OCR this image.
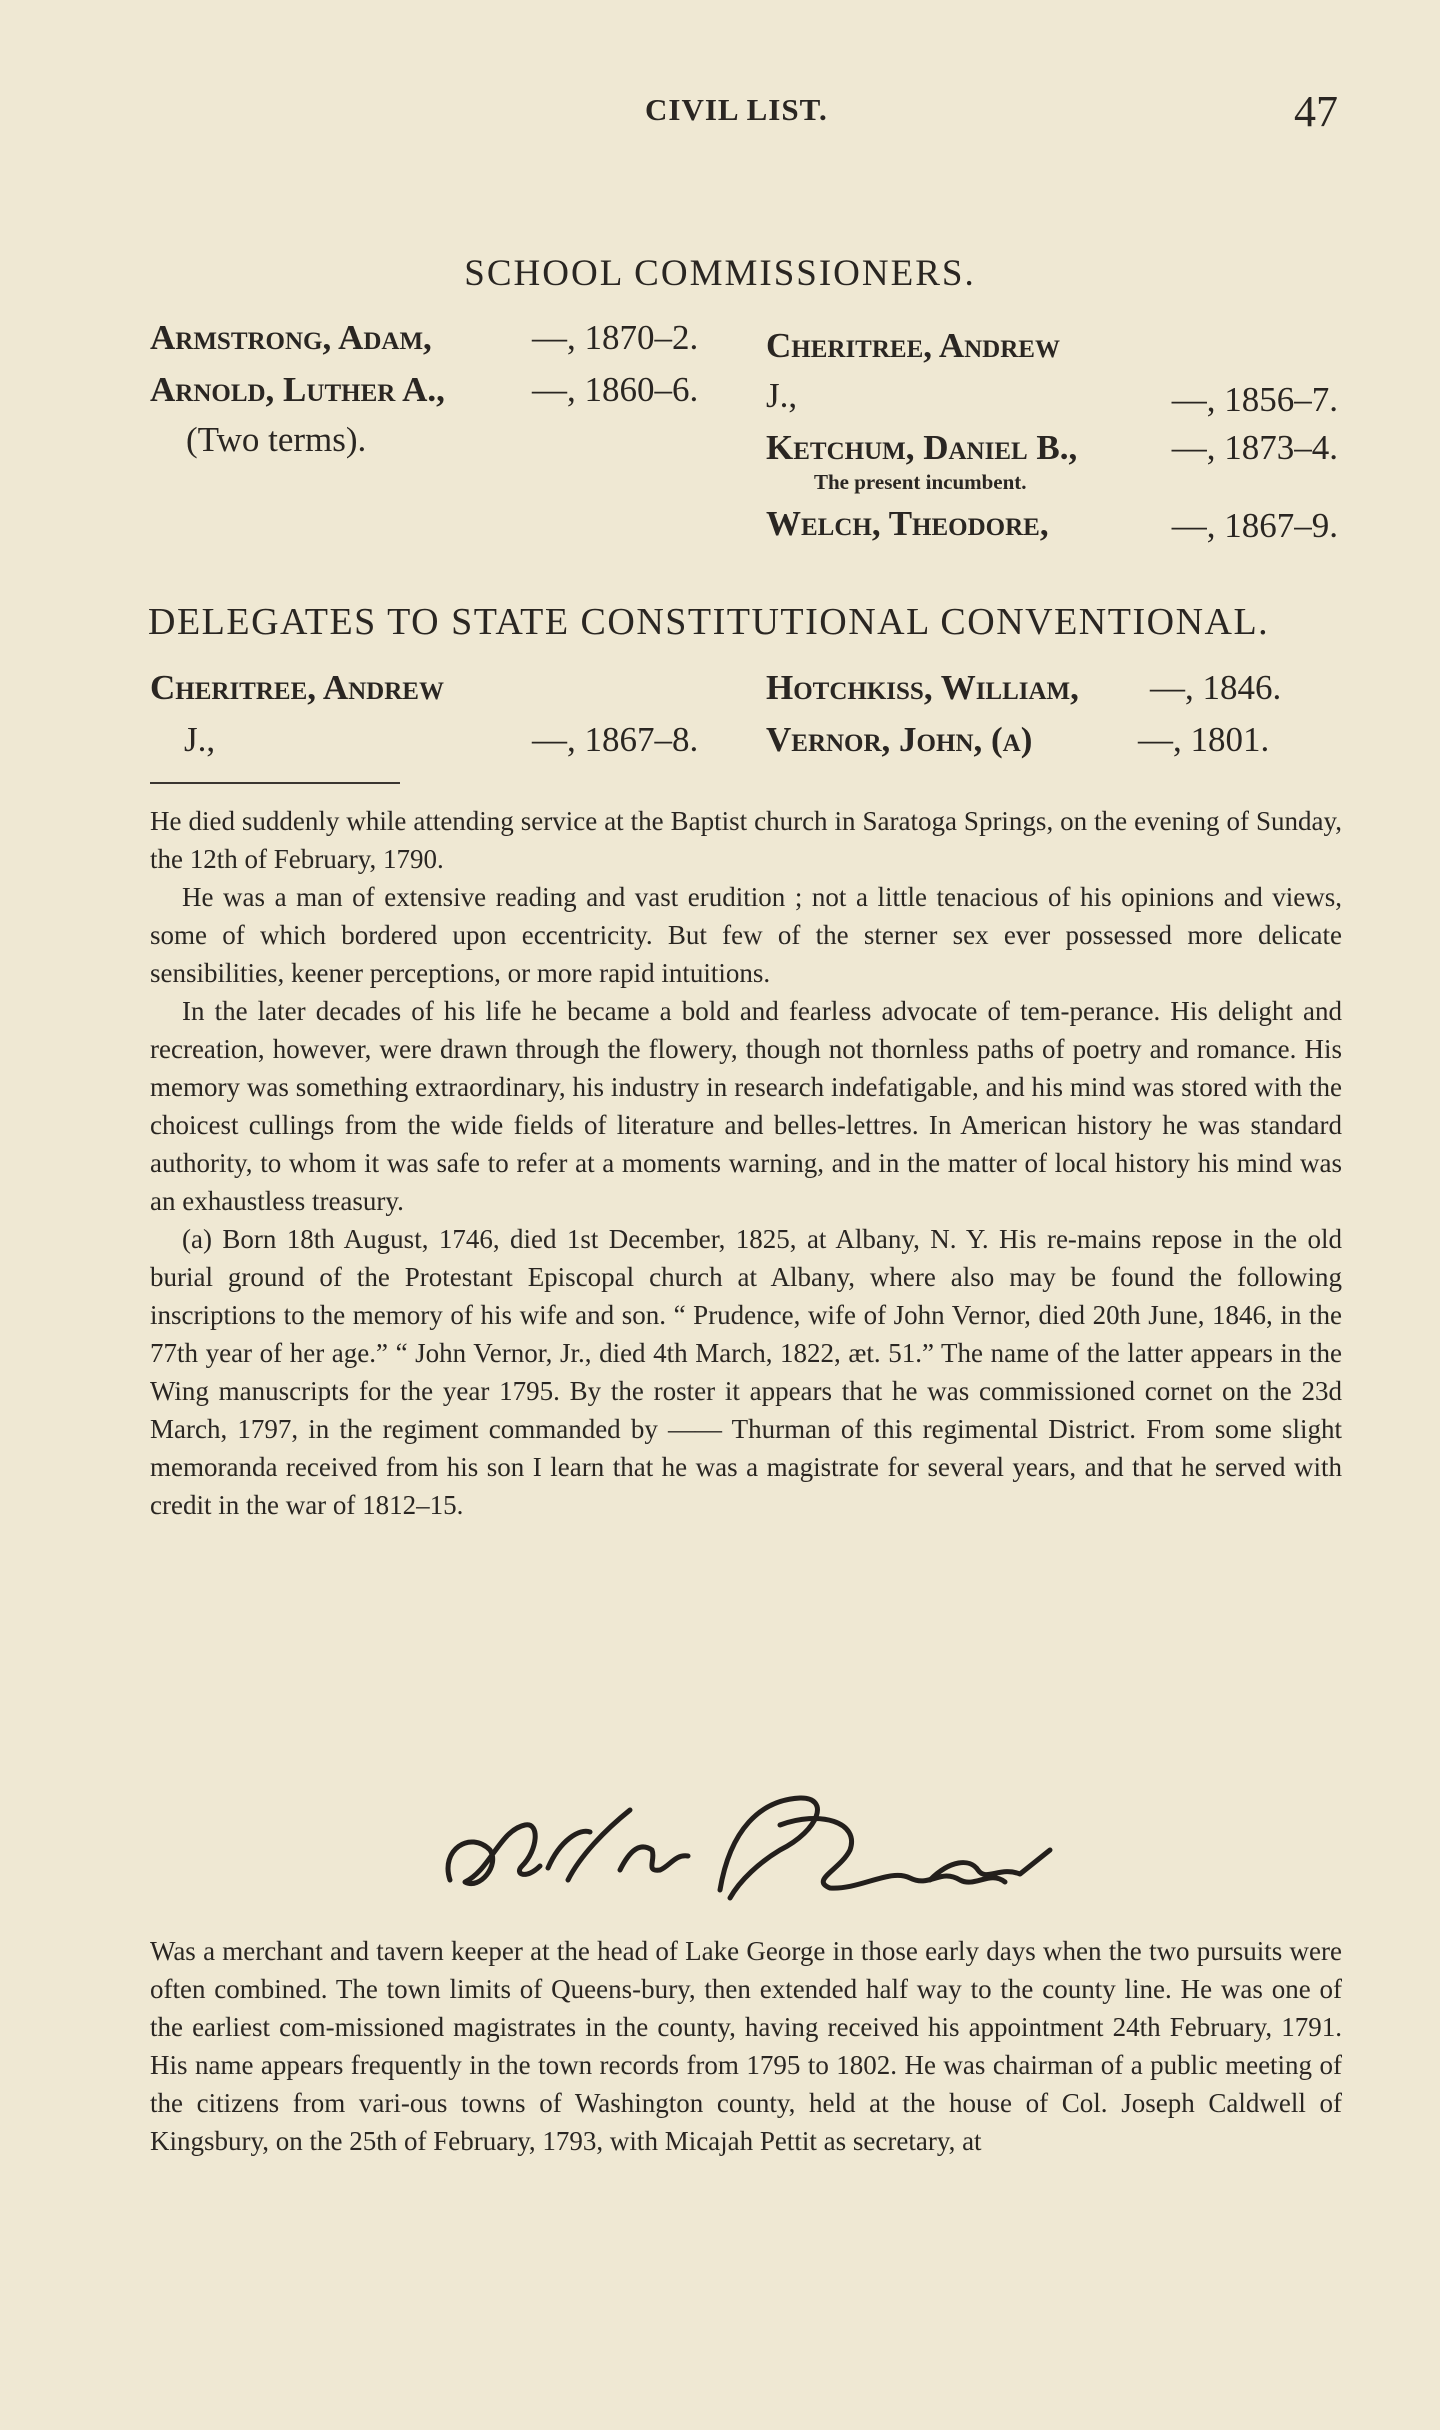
CIVIL LIST.	47
SCHOOL COMMISSIONERS.
Armstrong, Adam,	—, 1870–2.
Arnold, Luther A., —, 1860–6.
(Two terms).
Cheritree, Andrew
J.,	—, 1856–7.
Ketchum, Daniel B.,	—, 1873–4.
The present incumbent.
Welch, Theodore,	—, 1867–9.
DELEGATES TO STATE CONSTITUTIONAL CONVENTIONAL.
Cheritree, Andrew
J.,	—, 1867–8.
Hotchkiss, William, —, 1846.
Vernor, John, (a)	—, 1801.

He died suddenly while attending service at the Baptist church in Saratoga Springs, on the evening of Sunday, the 12th of February, 1790.

He was a man of extensive reading and vast erudition ; not a little tenacious of his opinions and views, some of which bordered upon eccentricity. But few of the sterner sex ever possessed more delicate sensibilities, keener perceptions, or more rapid intuitions.

In the later decades of his life he became a bold and fearless advocate of tem-perance. His delight and recreation, however, were drawn through the flowery, though not thornless paths of poetry and romance. His memory was something extraordinary, his industry in research indefatigable, and his mind was stored with the choicest cullings from the wide fields of literature and belles-lettres. In American history he was standard authority, to whom it was safe to refer at a moments warning, and in the matter of local history his mind was an exhaustless treasury.

(a) Born 18th August, 1746, died 1st December, 1825, at Albany, N. Y. His re-mains repose in the old burial ground of the Protestant Episcopal church at Albany, where also may be found the following inscriptions to the memory of his wife and son. “ Prudence, wife of John Vernor, died 20th June, 1846, in the 77th year of her age.” “ John Vernor, Jr., died 4th March, 1822, æt. 51.” The name of the latter appears in the Wing manuscripts for the year 1795. By the roster it appears that he was commissioned cornet on the 23d March, 1797, in the regiment commanded by —— Thurman of this regimental District. From some slight memoranda received from his son I learn that he was a magistrate for several years, and that he served with credit in the war of 1812–15.

John Vernor

Was a merchant and tavern keeper at the head of Lake George in those early days when the two pursuits were often combined. The town limits of Queens-bury, then extended half way to the county line. He was one of the earliest com-missioned magistrates in the county, having received his appointment 24th February, 1791. His name appears frequently in the town records from 1795 to 1802. He was chairman of a public meeting of the citizens from vari-ous towns of Washington county, held at the house of Col. Joseph Caldwell of Kingsbury, on the 25th of February, 1793, with Micajah Pettit as secretary, at
